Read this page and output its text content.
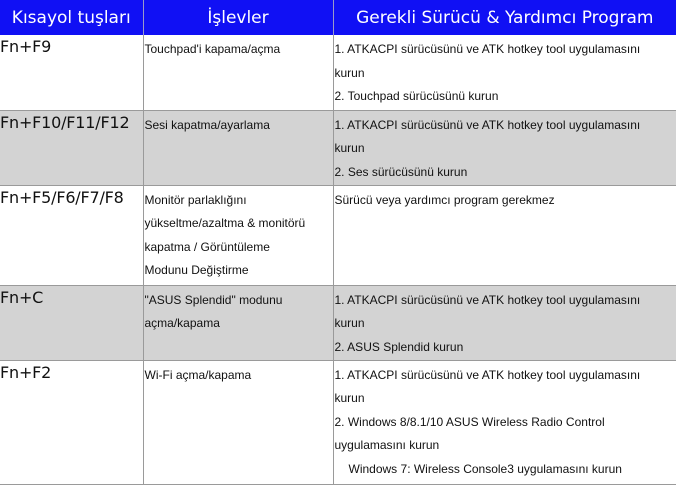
Kısayol tuşları	İşlevler	Gerekli Sürücü & Yardımcı Program
Fn+F9	Touchpad'i kapama/açma	1. ATKACPI sürücüsünü ve ATK hotkey tool uygulamasını
kurun
2. Touchpad sürücüsünü kurun

Fn+F10/F11/F12	Sesi kapatma/ayarlama	1. ATKACPI sürücüsünü ve ATK hotkey tool uygulamasını
kurun
2. Ses sürücüsünü kurun

Fn+F5/F6/F7/F8	Monitör parlaklığını
yükseltme/azaltma & monitörü
kapatma / Görüntüleme
Modunu Değiştirme	Sürücü veya yardımcı program gerekmez

Fn+C	"ASUS Splendid" modunu
açma/kapama	1. ATKACPI sürücüsünü ve ATK hotkey tool uygulamasını
kurun
2. ASUS Splendid kurun

Fn+F2	Wi-Fi açma/kapama	1. ATKACPI sürücüsünü ve ATK hotkey tool uygulamasını
kurun
2. Windows 8/8.1/10 ASUS Wireless Radio Control
uygulamasını kurun
Windows 7: Wireless Console3 uygulamasını kurun
